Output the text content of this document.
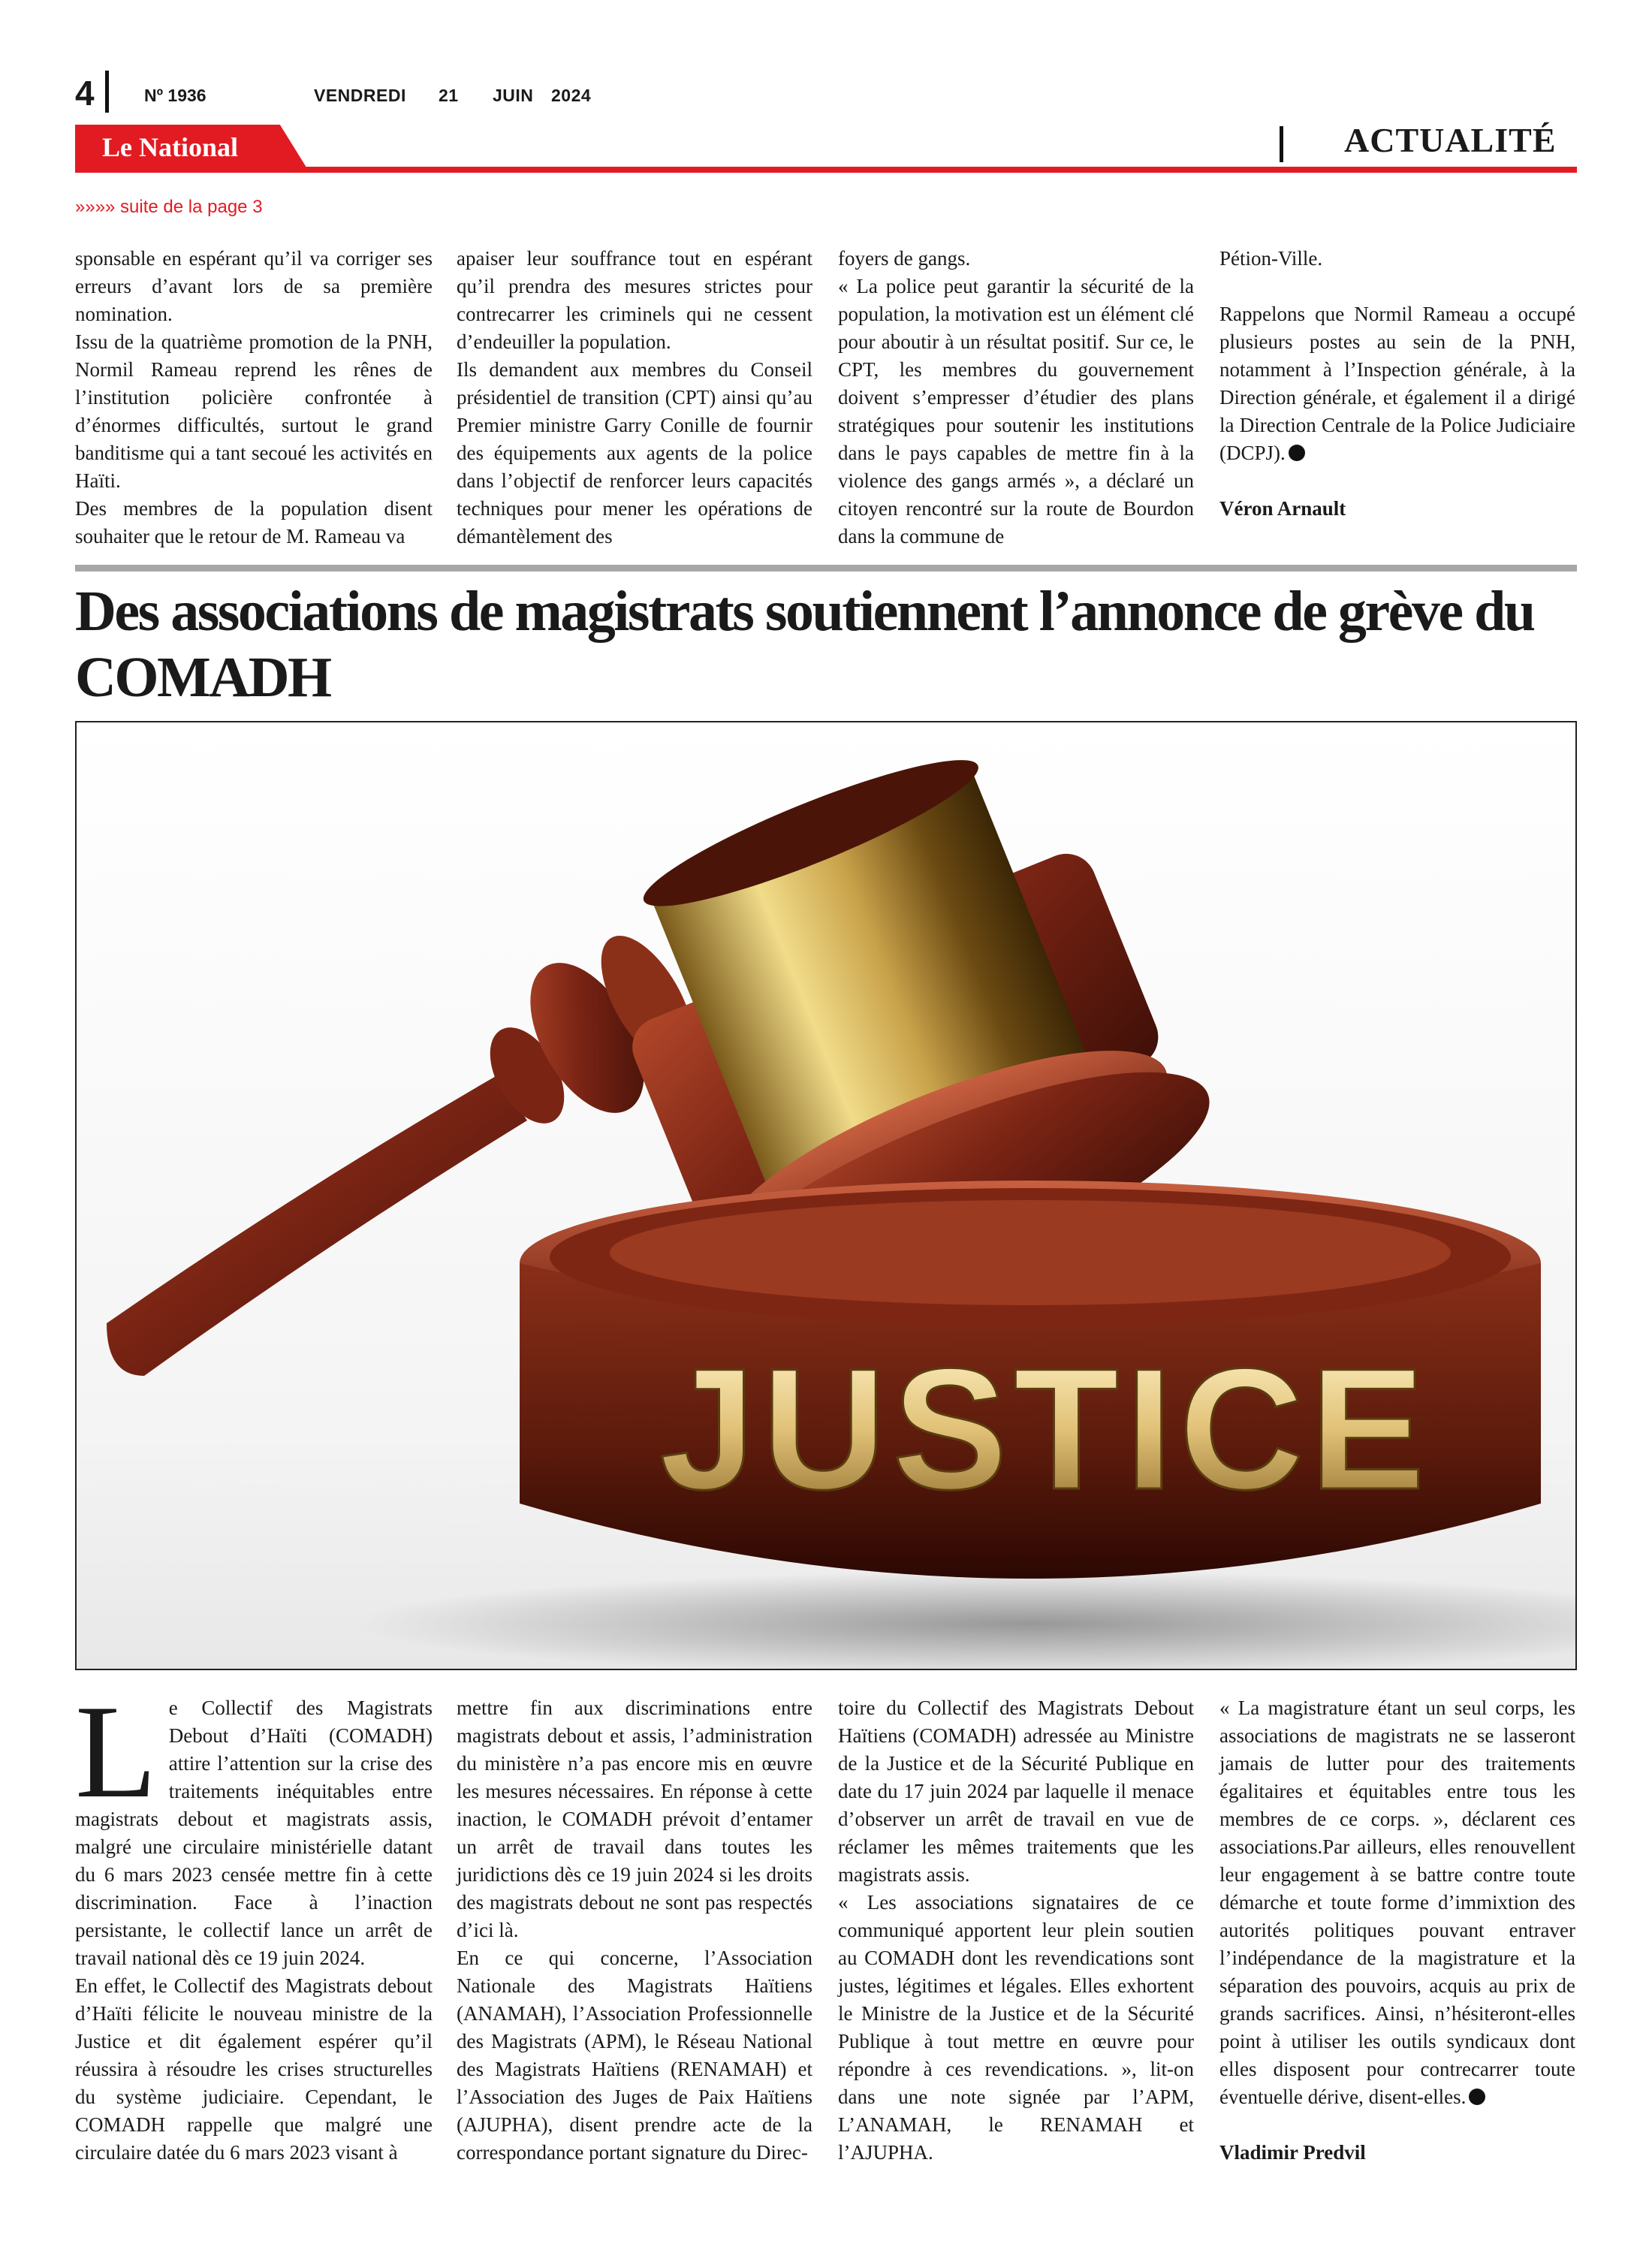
4	Nº 1936	VENDREDI 21 JUIN 2024
Le National	ACTUALITÉ
»»»» suite de la page 3

sponsable en espérant qu’il va corriger ses erreurs d’avant lors de sa première nomination.

Issu de la quatrième promotion de la PNH, Normil Rameau reprend les rênes de l’institution policière confrontée à d’énormes difficultés, surtout le grand banditisme qui a tant secoué les activités en Haïti.

Des membres de la population disent souhaiter que le retour de M. Rameau va

apaiser leur souffrance tout en espérant qu’il prendra des mesures strictes pour contrecarrer les criminels qui ne cessent d’endeuiller la population.

Ils demandent aux membres du Conseil présidentiel de transition (CPT) ainsi qu’au Premier ministre Garry Conille de fournir des équipements aux agents de la police dans l’objectif de renforcer leurs capacités techniques pour mener les opérations de démantèlement des

foyers de gangs.

« La police peut garantir la sécurité de la population, la motivation est un élément clé pour aboutir à un résultat positif. Sur ce, le CPT, les membres du gouvernement doivent s’empresser d’étudier des plans stratégiques pour soutenir les institutions dans le pays capables de mettre fin à la violence des gangs armés », a déclaré un citoyen rencontré sur la route de Bourdon dans la commune de

Pétion-Ville.

Rappelons que Normil Rameau a occupé plusieurs postes au sein de la PNH, notamment à l’Inspection générale, à la Direction générale, et également il a dirigé la Direction Centrale de la Police Judiciaire (DCPJ).

Véron Arnault

Des associations de magistrats soutiennent l’annonce de grève du COMADH
JUSTICE

Le Collectif des Magistrats Debout d’Haïti (COMADH) attire l’attention sur la crise des traitements inéquitables entre magistrats debout et magistrats assis, malgré une circulaire ministérielle datant du 6 mars 2023 censée mettre fin à cette discrimination. Face à l’inaction persistante, le collectif lance un arrêt de travail national dès ce 19 juin 2024.

En effet, le Collectif des Magistrats debout d’Haïti félicite le nouveau ministre de la Justice et dit également espérer qu’il réussira à résoudre les crises structurelles du système judiciaire. Cependant, le COMADH rappelle que malgré une circulaire datée du 6 mars 2023 visant à

mettre fin aux discriminations entre magistrats debout et assis, l’administration du ministère n’a pas encore mis en œuvre les mesures nécessaires. En réponse à cette inaction, le COMADH prévoit d’entamer un arrêt de travail dans toutes les juridictions dès ce 19 juin 2024 si les droits des magistrats debout ne sont pas respectés d’ici là.

En ce qui concerne, l’Association Nationale des Magistrats Haïtiens (ANAMAH), l’Association Professionnelle des Magistrats (APM), le Réseau National des Magistrats Haïtiens (RENAMAH) et l’Association des Juges de Paix Haïtiens (AJUPHA), disent prendre acte de la correspondance portant signature du Direc-

toire du Collectif des Magistrats Debout Haïtiens (COMADH) adressée au Ministre de la Justice et de la Sécurité Publique en date du 17 juin 2024 par laquelle il menace d’observer un arrêt de travail en vue de réclamer les mêmes traitements que les magistrats assis.

« Les associations signataires de ce communiqué apportent leur plein soutien au COMADH dont les revendications sont justes, légitimes et légales. Elles exhortent le Ministre de la Justice et de la Sécurité Publique à tout mettre en œuvre pour répondre à ces revendications. », lit-on dans une note signée par l’APM, L’ANAMAH, le RENAMAH et l’AJUPHA.

« La magistrature étant un seul corps, les associations de magistrats ne se lasseront jamais de lutter pour des traitements égalitaires et équitables entre tous les membres de ce corps. », déclarent ces associations.Par ailleurs, elles renouvellent leur engagement à se battre contre toute démarche et toute forme d’immixtion des autorités politiques pouvant entraver l’indépendance de la magistrature et la séparation des pouvoirs, acquis au prix de grands sacrifices. Ainsi, n’hésiteront-elles point à utiliser les outils syndicaux dont elles disposent pour contrecarrer toute éventuelle dérive, disent-elles.

Vladimir Predvil
